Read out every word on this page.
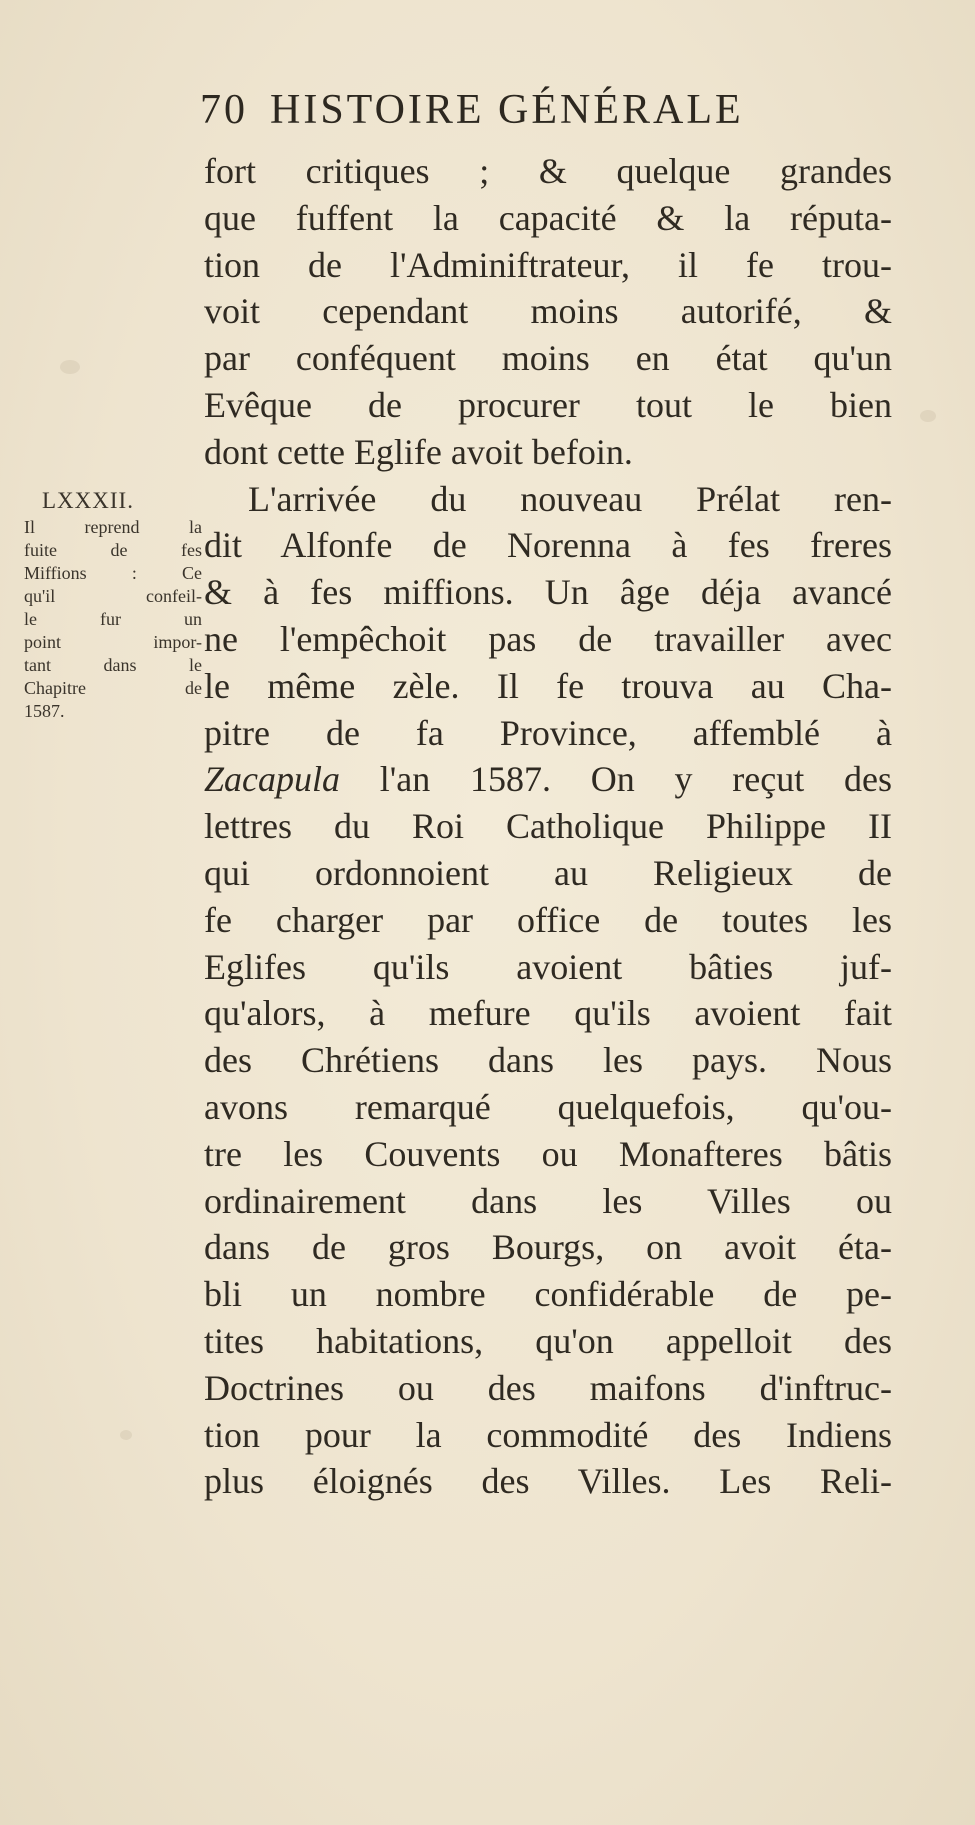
70 HISTOIRE GÉNÉRALE
LXXXII.
Il reprend la
fuite de fes
Miffions : Ce
qu'il confeil-
le fur un
point impor-
tant dans le
Chapitre de
1587.
fort critiques ; & quelque grandes
que fuffent la capacité & la réputa-
tion de l'Adminiftrateur, il fe trou-
voit cependant moins autorifé, &
par conféquent moins en état qu'un
Evêque de procurer tout le bien
dont cette Eglife avoit befoin.
L'arrivée du nouveau Prélat ren-
dit Alfonfe de Norenna à fes freres
& à fes miffions. Un âge déja avancé
ne l'empêchoit pas de travailler avec
le même zèle. Il fe trouva au Cha-
pitre de fa Province, affemblé à
Zacapula l'an 1587. On y reçut des
lettres du Roi Catholique Philippe II
qui ordonnoient au Religieux de
fe charger par office de toutes les
Eglifes qu'ils avoient bâties juf-
qu'alors, à mefure qu'ils avoient fait
des Chrétiens dans les pays. Nous
avons remarqué quelquefois, qu'ou-
tre les Couvents ou Monafteres bâtis
ordinairement dans les Villes ou
dans de gros Bourgs, on avoit éta-
bli un nombre confidérable de pe-
tites habitations, qu'on appelloit des
Doctrines ou des maifons d'inftruc-
tion pour la commodité des Indiens
plus éloignés des Villes. Les Reli-
